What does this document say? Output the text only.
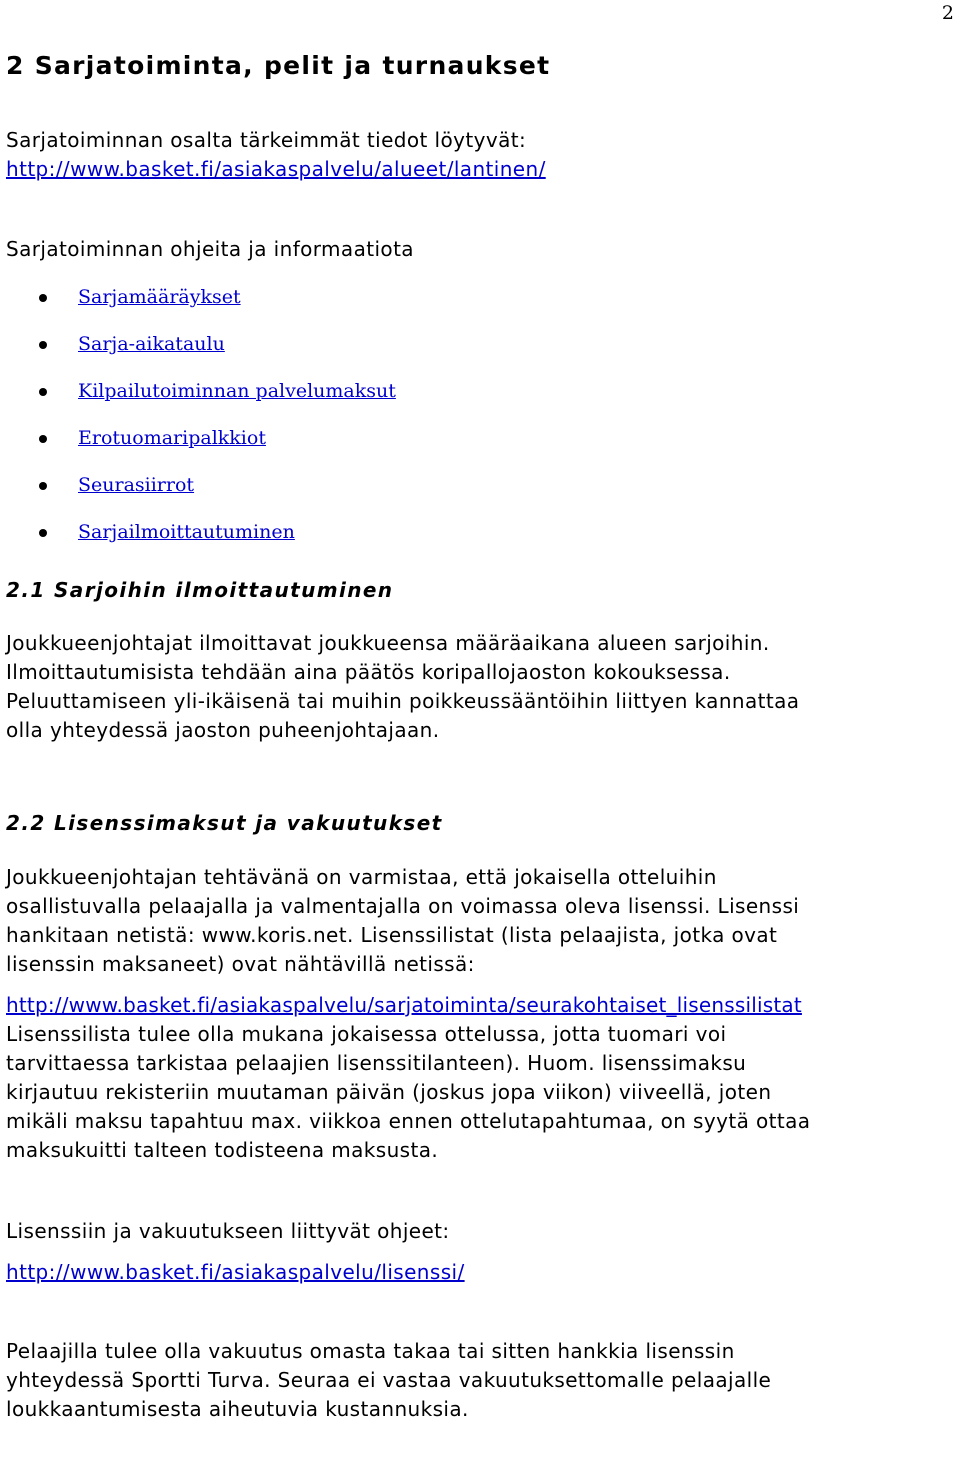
2
2 Sarjatoiminta, pelit ja turnaukset

Sarjatoiminnan osalta tärkeimmät tiedot löytyvät:

http://www.basket.fi/asiakaspalvelu/alueet/lantinen/

Sarjatoiminnan ohjeita ja informaatiota

Sarjamääräykset
Sarja-aikataulu
Kilpailutoiminnan palvelumaksut
Erotuomaripalkkiot
Seurasiirrot
Sarjailmoittautuminen
2.1 Sarjoihin ilmoittautuminen

Joukkueenjohtajat ilmoittavat joukkueensa määräaikana alueen sarjoihin.

Ilmoittautumisista tehdään aina päätös koripallojaoston kokouksessa.

Peluuttamiseen yli-ikäisenä tai muihin poikkeussääntöihin liittyen kannattaa

olla yhteydessä jaoston puheenjohtajaan.

2.2 Lisenssimaksut ja vakuutukset

Joukkueenjohtajan tehtävänä on varmistaa, että jokaisella otteluihin

osallistuvalla pelaajalla ja valmentajalla on voimassa oleva lisenssi. Lisenssi

hankitaan netistä: www.koris.net. Lisenssilistat (lista pelaajista, jotka ovat

lisenssin maksaneet) ovat nähtävillä netissä:

http://www.basket.fi/asiakaspalvelu/sarjatoiminta/seurakohtaiset_lisenssilistat

Lisenssilista tulee olla mukana jokaisessa ottelussa, jotta tuomari voi

tarvittaessa tarkistaa pelaajien lisenssitilanteen). Huom. lisenssimaksu

kirjautuu rekisteriin muutaman päivän (joskus jopa viikon) viiveellä, joten

mikäli maksu tapahtuu max. viikkoa ennen ottelutapahtumaa, on syytä ottaa

maksukuitti talteen todisteena maksusta.

Lisenssiin ja vakuutukseen liittyvät ohjeet:

http://www.basket.fi/asiakaspalvelu/lisenssi/

Pelaajilla tulee olla vakuutus omasta takaa tai sitten hankkia lisenssin

yhteydessä Sportti Turva. Seuraa ei vastaa vakuutuksettomalle pelaajalle

loukkaantumisesta aiheutuvia kustannuksia.
